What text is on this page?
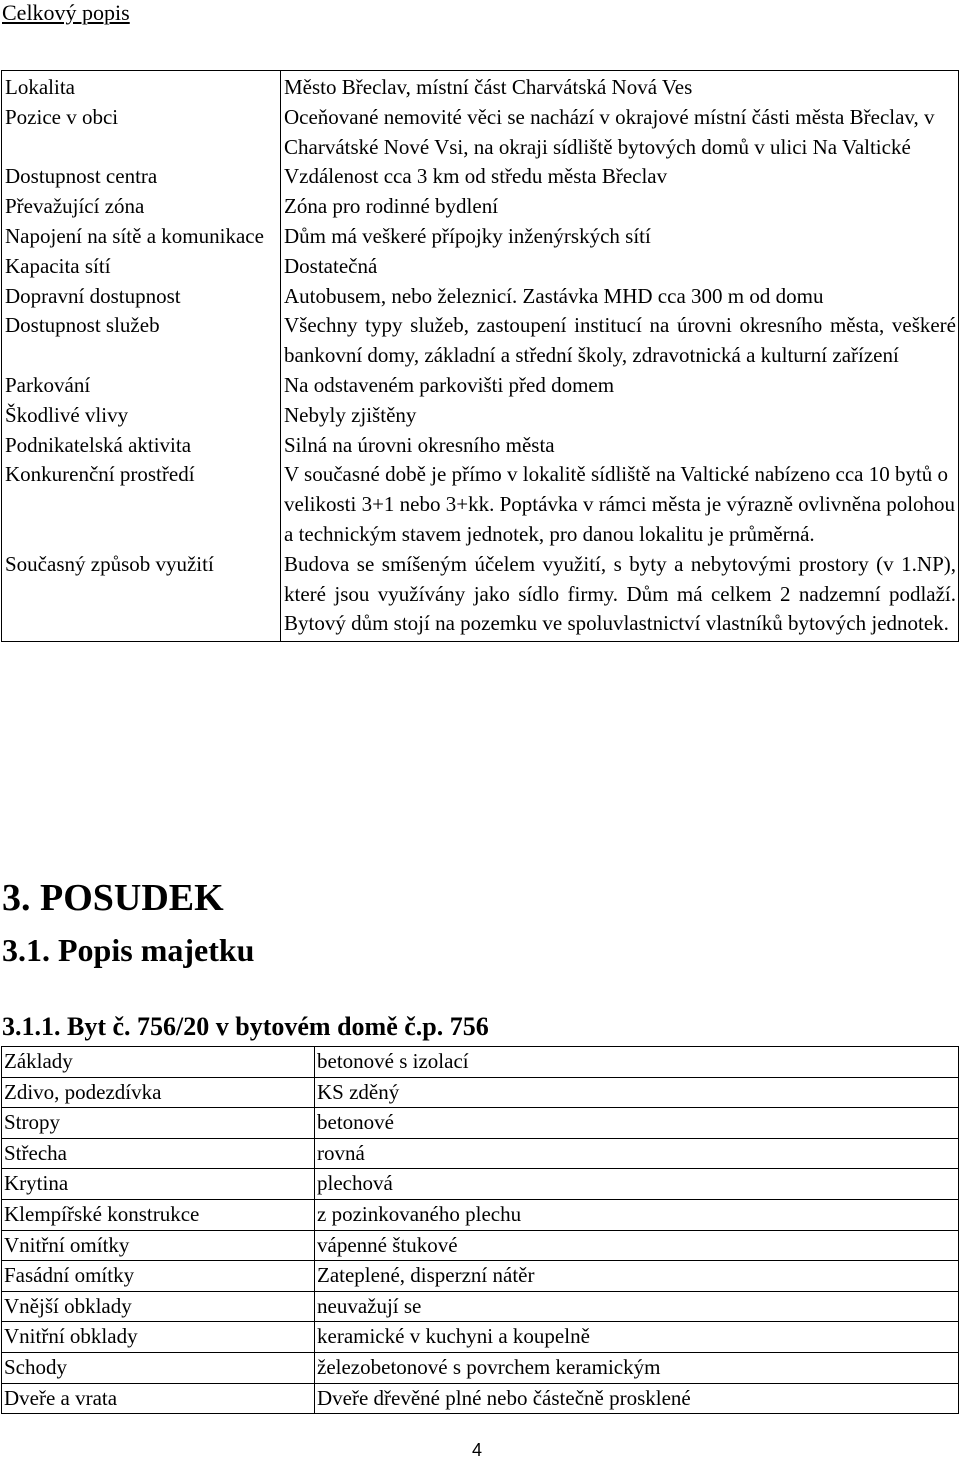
Celkový popis
Lokalita	Město Břeclav, místní část Charvátská Nová Ves
Pozice v obci	Oceňované nemovité věci se nachází v okrajové místní části města Břeclav, v Charvátské Nové Vsi, na okraji sídliště bytových domů v ulici Na Valtické
Dostupnost centra	Vzdálenost cca 3 km od středu města Břeclav
Převažující zóna	Zóna pro rodinné bydlení
Napojení na sítě a komunikace	Dům má veškeré přípojky inženýrských sítí
Kapacita sítí	Dostatečná
Dopravní dostupnost	Autobusem, nebo železnicí. Zastávka MHD cca 300 m od domu
Dostupnost služeb	Všechny typy služeb, zastoupení institucí na úrovni okresního města, veškeré bankovní domy, základní a střední školy, zdravotnická a kulturní zařízení
Parkování	Na odstaveném parkovišti před domem
Škodlivé vlivy	Nebyly zjištěny
Podnikatelská aktivita	Silná na úrovni okresního města
Konkurenční prostředí	V současné době je přímo v lokalitě sídliště na Valtické nabízeno cca 10 bytů o velikosti 3+1 nebo 3+kk. Poptávka v rámci města je výrazně ovlivněna polohou a technickým stavem jednotek, pro danou lokalitu je průměrná.
Současný způsob využití	Budova se smíšeným účelem využití, s byty a nebytovými prostory (v 1.NP), které jsou využívány jako sídlo firmy. Dům má celkem 2 nadzemní podlaží. Bytový dům stojí na pozemku ve spoluvlastnictví vlastníků bytových jednotek.
3. POSUDEK
3.1. Popis majetku
3.1.1. Byt č. 756/20 v bytovém domě č.p. 756
Základy	betonové s izolací
Zdivo, podezdívka	KS zděný
Stropy	betonové
Střecha	rovná
Krytina	plechová
Klempířské konstrukce	z pozinkovaného plechu
Vnitřní omítky	vápenné štukové
Fasádní omítky	Zateplené, disperzní nátěr
Vnější obklady	neuvažují se
Vnitřní obklady	keramické v kuchyni a koupelně
Schody	železobetonové s povrchem keramickým
Dveře a vrata	Dveře dřevěné plné nebo částečně prosklené
4
